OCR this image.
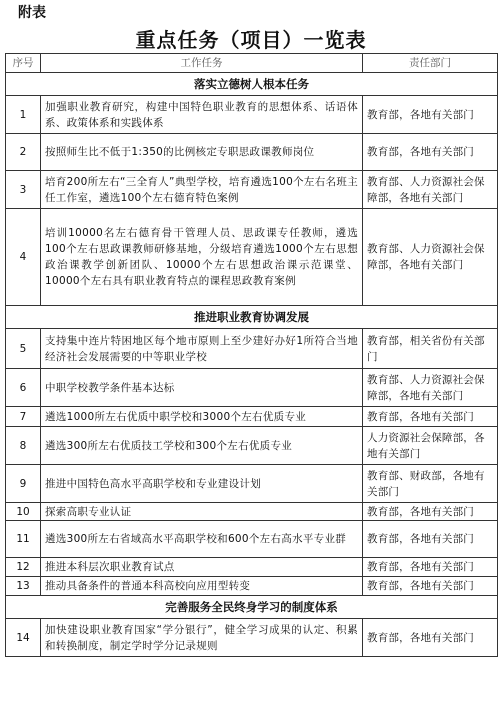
附表
重点任务（项目）一览表
序号	工作任务	责任部门
落实立德树人根本任务		
1	加强职业教育研究，构建中国特色职业教育的思想体系、话语体系、政策体系和实践体系	教育部，各地有关部门
2	按照师生比不低于1:350的比例核定专职思政课教师岗位	教育部，各地有关部门
3	培育200所左右“三全育人”典型学校，培育遴选100个左右名班主任工作室，遴选100个左右德育特色案例	教育部、人力资源社会保障部，各地有关部门
4	培训10000名左右德育骨干管理人员、思政课专任教师，遴选100个左右思政课教师研修基地，分级培育遴选1000个左右思想政治课教学创新团队、10000个左右思想政治课示范课堂、10000个左右具有职业教育特点的课程思政教育案例	教育部、人力资源社会保障部，各地有关部门
推进职业教育协调发展		
5	支持集中连片特困地区每个地市原则上至少建好办好1所符合当地经济社会发展需要的中等职业学校	教育部，相关省份有关部门
6	中职学校教学条件基本达标	教育部、人力资源社会保障部，各地有关部门
7	遴选1000所左右优质中职学校和3000个左右优质专业	教育部，各地有关部门
8	遴选300所左右优质技工学校和300个左右优质专业	人力资源社会保障部，各地有关部门
9	推进中国特色高水平高职学校和专业建设计划	教育部、财政部，各地有关部门
10	探索高职专业认证	教育部，各地有关部门
11	遴选300所左右省域高水平高职学校和600个左右高水平专业群	教育部，各地有关部门
12	推进本科层次职业教育试点	教育部，各地有关部门
13	推动具备条件的普通本科高校向应用型转变	教育部，各地有关部门
完善服务全民终身学习的制度体系		
14	加快建设职业教育国家“学分银行”，健全学习成果的认定、积累和转换制度，制定学时学分记录规则	教育部，各地有关部门
